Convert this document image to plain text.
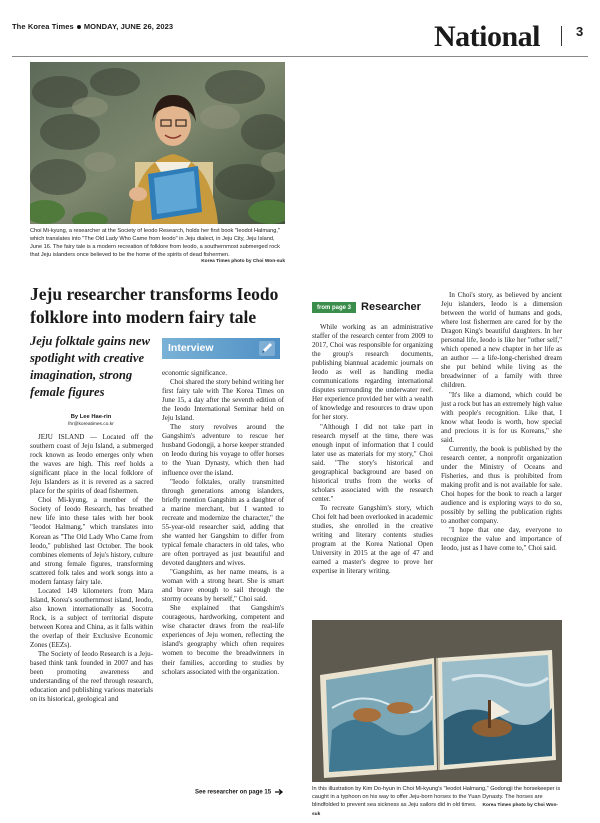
The Korea Times MONDAY, JUNE 26, 2023	National	3
Choi Mi-kyung, a researcher at the Society of Ieodo Research, holds her first book "Ieodot Halmang," which translates into "The Old Lady Who Came from Ieodo" in Jeju dialect, in Jeju City, Jeju Island, June 16. The fairy tale is a modern recreation of folklore from Ieodo, a southernmost submerged rock that Jeju islanders once believed to be the home of the spirits of dead fishermen.
Korea Times photo by Choi Won-suk
Jeju researcher transforms Ieodo folklore into modern fairy tale
Jeju folktale gains new spotlight with creative imagination, strong female figures
Interview
By Lee Hae-rin
lhr@koreatimes.co.kr

JEJU ISLAND — Located off the southern coast of Jeju Island, a submerged rock known as Ieodo emerges only when the waves are high. This reef holds a significant place in the local folklore of Jeju Islanders as it is revered as a sacred place for the spirits of dead fishermen.

Choi Mi-kyung, a member of the Society of Ieodo Research, has breathed new life into these tales with her book "Ieodot Halmang," which translates into Korean as "The Old Lady Who Came from Ieodo," published last October. The book combines elements of Jeju's history, culture and strong female figures, transforming scattered folk tales and work songs into a modern fantasy fairy tale.

Located 149 kilometers from Mara Island, Korea's southernmost island, Ieodo, also known internationally as Socotra Rock, is a subject of territorial dispute between Korea and China, as it falls within the overlap of their Exclusive Economic Zones (EEZs).

The Society of Ieodo Research is a Jeju-based think tank founded in 2007 and has been promoting awareness and understanding of the reef through research, education and publishing various materials on its historical, geological and

economic significance.

Choi shared the story behind writing her first fairy tale with The Korea Times on June 15, a day after the seventh edition of the Ieodo International Seminar held on Jeju Island.

The story revolves around the Gangshim's adventure to rescue her husband Godongji, a horse keeper stranded on Ieodo during his voyage to offer horses to the Yuan Dynasty, which then had influence over the island.

"Ieodo folktales, orally transmitted through generations among islanders, briefly mention Gangshim as a daughter of a marine merchant, but I wanted to recreate and modernize the character," the 55-year-old researcher said, adding that she wanted her Gangshim to differ from typical female characters in old tales, who are often portrayed as just beautiful and devoted daughters and wives.

"Gangshim, as her name means, is a woman with a strong heart. She is smart and brave enough to sail through the stormy oceans by herself," Choi said.

She explained that Gangshim's courageous, hardworking, competent and wise character draws from the real-life experiences of Jeju women, reflecting the island's geography which often requires women to become the breadwinners in their families, according to studies by scholars associated with the organization.

See researcher on page 15
from page 3 Researcher

While working as an administrative staffer of the research center from 2009 to 2017, Choi was responsible for organizing the group's research documents, publishing biannual academic journals on Ieodo as well as handling media communications regarding international disputes surrounding the underwater reef. Her experience provided her with a wealth of knowledge and resources to draw upon for her story.

"Although I did not take part in research myself at the time, there was enough input of information that I could later use as materials for my story," Choi said. "The story's historical and geographical background are based on historical truths from the works of scholars associated with the research center."

To recreate Gangshim's story, which Choi felt had been overlooked in academic studies, she enrolled in the creative writing and literary contents studies program at the Korea National Open University in 2015 at the age of 47 and earned a master's degree to prove her expertise in literary writing.

In Choi's story, as believed by ancient Jeju islanders, Ieodo is a dimension between the world of humans and gods, where lost fishermen are cared for by the Dragon King's beautiful daughters. In her personal life, Ieodo is like her "other self," which opened a new chapter in her life as an author — a life-long-cherished dream she put behind while living as the breadwinner of a family with three children.

"It's like a diamond, which could be just a rock but has an extremely high value with people's recognition. Like that, I know what Ieodo is worth, how special and precious it is for us Koreans," she said.

Currently, the book is published by the research center, a nonprofit organization under the Ministry of Oceans and Fisheries, and thus is prohibited from making profit and is not available for sale. Choi hopes for the book to reach a larger audience and is exploring ways to do so, possibly by selling the publication rights to another company.

"I hope that one day, everyone to recognize the value and importance of Ieodo, just as I have come to," Choi said.

In this illustration by Kim Do-hyun in Choi Mi-kyung's "Ieodot Halmang," Godongji the horsekeeper is caught in a typhoon on his way to offer Jeju-born horses to the Yuan Dynasty. The horses are blindfolded to prevent sea sickness as Jeju sailors did in old times. Korea Times photo by Choi Won-suk
